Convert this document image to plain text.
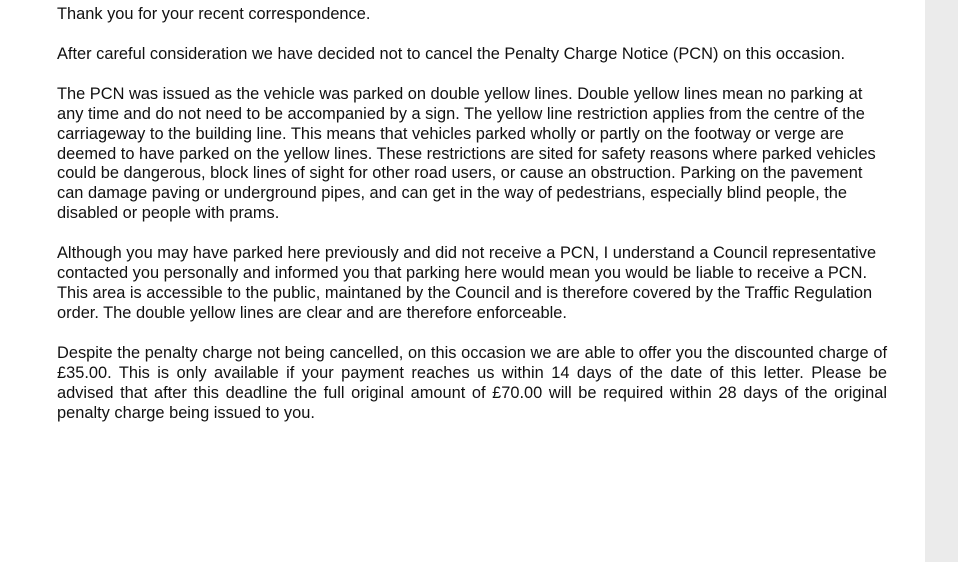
Thank you for your recent correspondence.

After careful consideration we have decided not to cancel the Penalty Charge Notice (PCN) on this occasion.

The PCN was issued as the vehicle was parked on double yellow lines. Double yellow lines mean no parking at any time and do not need to be accompanied by a sign. The yellow line restriction applies from the centre of the carriageway to the building line. This means that vehicles parked wholly or partly on the footway or verge are deemed to have parked on the yellow lines. These restrictions are sited for safety reasons where parked vehicles could be dangerous, block lines of sight for other road users, or cause an obstruction. Parking on the pavement can damage paving or underground pipes, and can get in the way of pedestrians, especially blind people, the disabled or people with prams.

Although you may have parked here previously and did not receive a PCN, I understand a Council representative contacted you personally and informed you that parking here would mean you would be liable to receive a PCN. This area is accessible to the public, maintaned by the Council and is therefore covered by the Traffic Regulation order. The double yellow lines are clear and are therefore enforceable.

Despite the penalty charge not being cancelled, on this occasion we are able to offer you the discounted charge of £35.00. This is only available if your payment reaches us within 14 days of the date of this letter. Please be advised that after this deadline the full original amount of £70.00 will be required within 28 days of the original penalty charge being issued to you.
